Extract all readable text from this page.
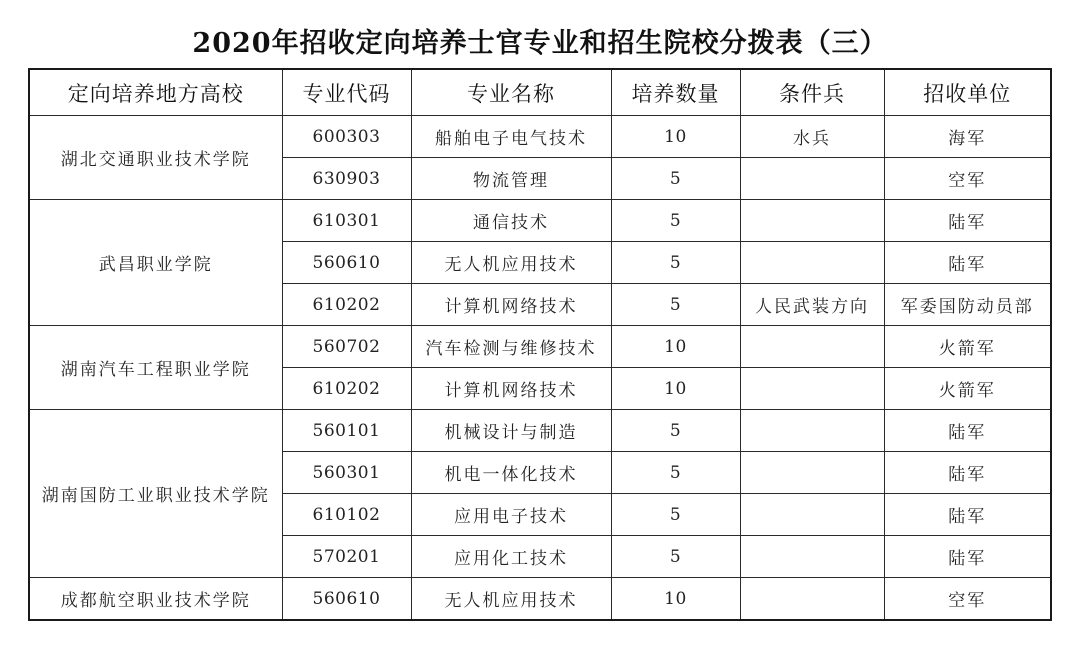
2020年招收定向培养士官专业和招生院校分拨表（三）
定向培养地方高校	专业代码	专业名称	培养数量	条件兵	招收单位
湖北交通职业技术学院	600303	船舶电子电气技术	10	水兵	海军
	630903	物流管理	5		空军
武昌职业学院	610301	通信技术	5		陆军
	560610	无人机应用技术	5		陆军
	610202	计算机网络技术	5	人民武装方向	军委国防动员部
湖南汽车工程职业学院	560702	汽车检测与维修技术	10		火箭军
	610202	计算机网络技术	10		火箭军
湖南国防工业职业技术学院	560101	机械设计与制造	5		陆军
	560301	机电一体化技术	5		陆军
	610102	应用电子技术	5		陆军
	570201	应用化工技术	5		陆军
成都航空职业技术学院	560610	无人机应用技术	10		空军
